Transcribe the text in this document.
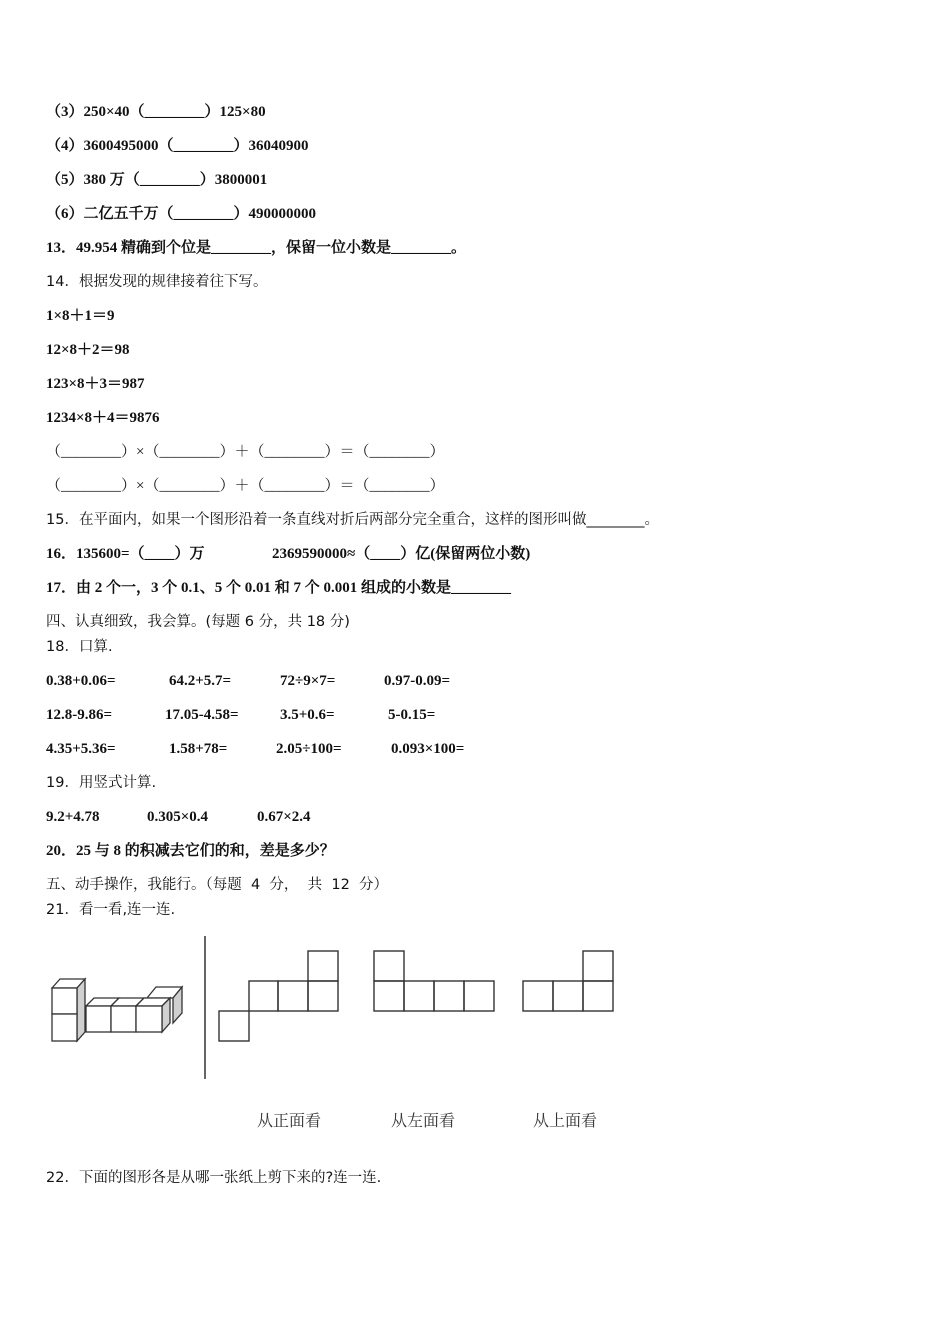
（3）250×40（________）125×80
（4）3600495000（________）36040900
（5）380 万（________）3800001
（6）二亿五千万（________）490000000
13．49.954 精确到个位是________，保留一位小数是________。
14．根据发现的规律接着往下写。
1×8＋1＝9
12×8＋2＝98
123×8＋3＝987
1234×8＋4＝9876
（________）×（________）＋（________）＝（________）
（________）×（________）＋（________）＝（________）
15．在平面内，如果一个图形沿着一条直线对折后两部分完全重合，这样的图形叫做________。
16．135600=（____）万	2369590000≈（____）亿(保留两位小数)
17．由 2 个一，3 个 0.1、5 个 0.01 和 7 个 0.001 组成的小数是________
四、认真细致，我会算。(每题 6 分，共 18 分)
18．口算.
0.38+0.06=	64.2+5.7=	72÷9×7=	0.97-0.09=
12.8-9.86=	17.05-4.58=	3.5+0.6=	5-0.15=
4.35+5.36=	1.58+78=	2.05÷100=	0.093×100=
19．用竖式计算.
9.2+4.78	0.305×0.4	0.67×2.4
20．25 与 8 的积减去它们的和，差是多少？
五、动手操作，我能行。（每题  4  分，  共  12  分）
21．看一看,连一连.
从正面看	从左面看	从上面看
22．下面的图形各是从哪一张纸上剪下来的?连一连.
